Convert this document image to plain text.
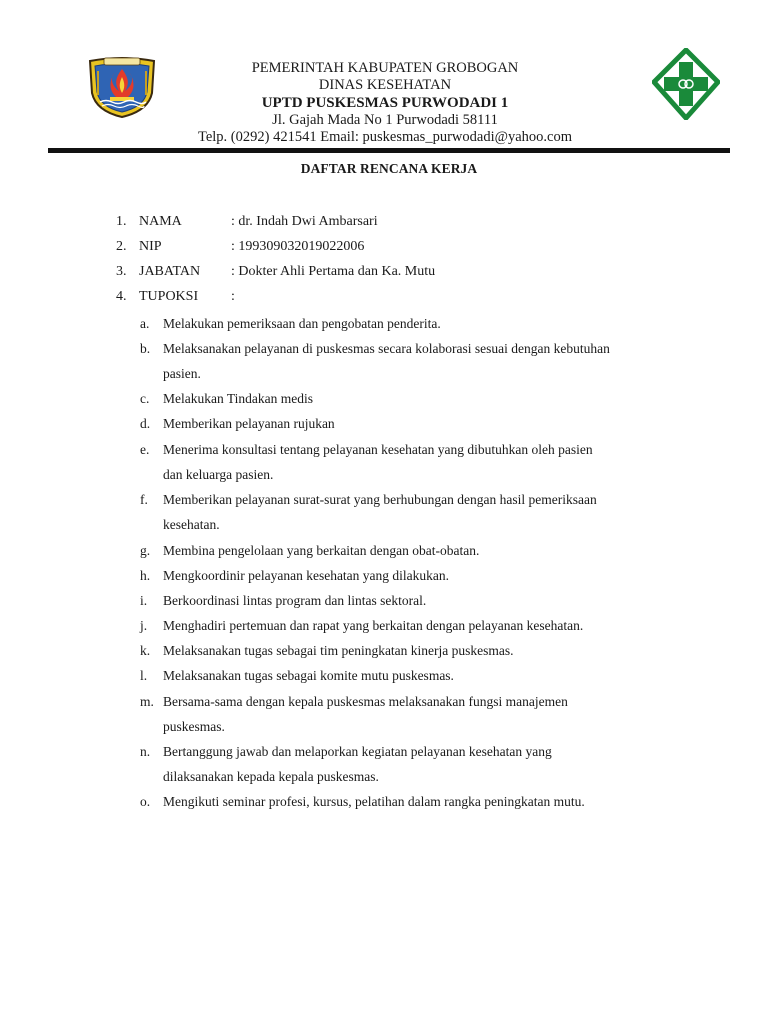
PEMERINTAH KABUPATEN GROBOGAN
DINAS KESEHATAN
UPTD PUSKESMAS PURWODADI 1
Jl. Gajah Mada No 1 Purwodadi 58111
Telp. (0292) 421541 Email: puskesmas_purwodadi@yahoo.com
DAFTAR RENCANA KERJA
1. NAMA	: dr. Indah Dwi Ambarsari
2. NIP	: 199309032019022006
3. JABATAN : Dokter Ahli Pertama dan Ka. Mutu
4. TUPOKSI :
a. Melakukan pemeriksaan dan pengobatan penderita.
b. Melaksanakan pelayanan di puskesmas secara kolaborasi sesuai dengan kebutuhan
pasien.
c. Melakukan Tindakan medis
d. Memberikan pelayanan rujukan
e. Menerima konsultasi tentang pelayanan kesehatan yang dibutuhkan oleh pasien
dan keluarga pasien.
f. Memberikan pelayanan surat-surat yang berhubungan dengan hasil pemeriksaan
kesehatan.
g. Membina pengelolaan yang berkaitan dengan obat-obatan.
h. Mengkoordinir pelayanan kesehatan yang dilakukan.
i. Berkoordinasi lintas program dan lintas sektoral.
j. Menghadiri pertemuan dan rapat yang berkaitan dengan pelayanan kesehatan.
k. Melaksanakan tugas sebagai tim peningkatan kinerja puskesmas.
l. Melaksanakan tugas sebagai komite mutu puskesmas.
m. Bersama-sama dengan kepala puskesmas melaksanakan fungsi manajemen
puskesmas.
n. Bertanggung jawab dan melaporkan kegiatan pelayanan kesehatan yang
dilaksanakan kepada kepala puskesmas.
o. Mengikuti seminar profesi, kursus, pelatihan dalam rangka peningkatan mutu.
